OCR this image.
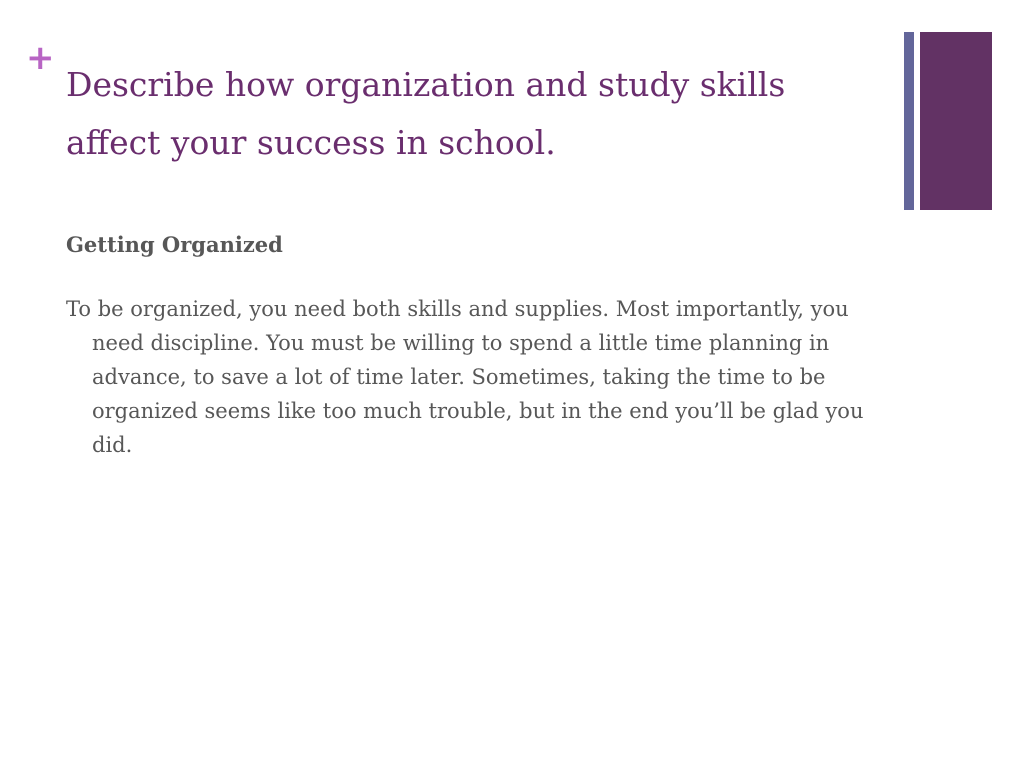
+
Describe how organization and study skills affect your success in school.
Getting Organized

To be organized, you need both skills and supplies. Most importantly, you need discipline. You must be willing to spend a little time planning in advance, to save a lot of time later. Sometimes, taking the time to be organized seems like too much trouble, but in the end you’ll be glad you did.
